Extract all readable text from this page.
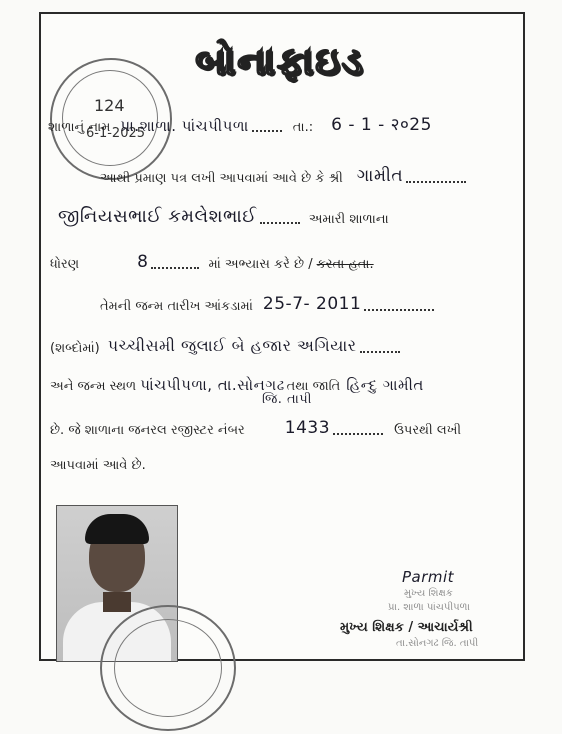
બોનાફાઇડ
124
6-1-2025
શાળાનું નામ પ્રા.શાળા. પાંચપીપળા	તા.: 6 - 1 - २०25
આથી પ્રમાણ પત્ર લખી આપવામાં આવે છે કે શ્રી ગામીત
જીનિયસભાઈ કમલેશભાઈ	અમારી શાળાના
ધોરણ	8	માં અભ્યાસ કરે છે / કરતા હતા.
તેમની જન્મ તારીખ આંકડામાં 25-7- 2011
(શબ્દોમાં) પચ્ચીસમી જુલાઈ બે હજાર અગિયાર
અને જન્મ સ્થળ પાંચપીપળા, તા.સોનગઢ તથા જાતિ હિન્દુ ગામીત
જિ. તાપી
છે. જે શાળાના જનરલ રજીસ્ટર નંબર 1433	ઉપરથી લખી
આપવામાં આવે છે.
Parmit
મુખ્ય શિક્ષક
પ્રા. શાળા પાંચપીપળા
મુખ્ય શિક્ષક / આચાર્યશ્રી
તા.સોનગઢ જિ. તાપી
